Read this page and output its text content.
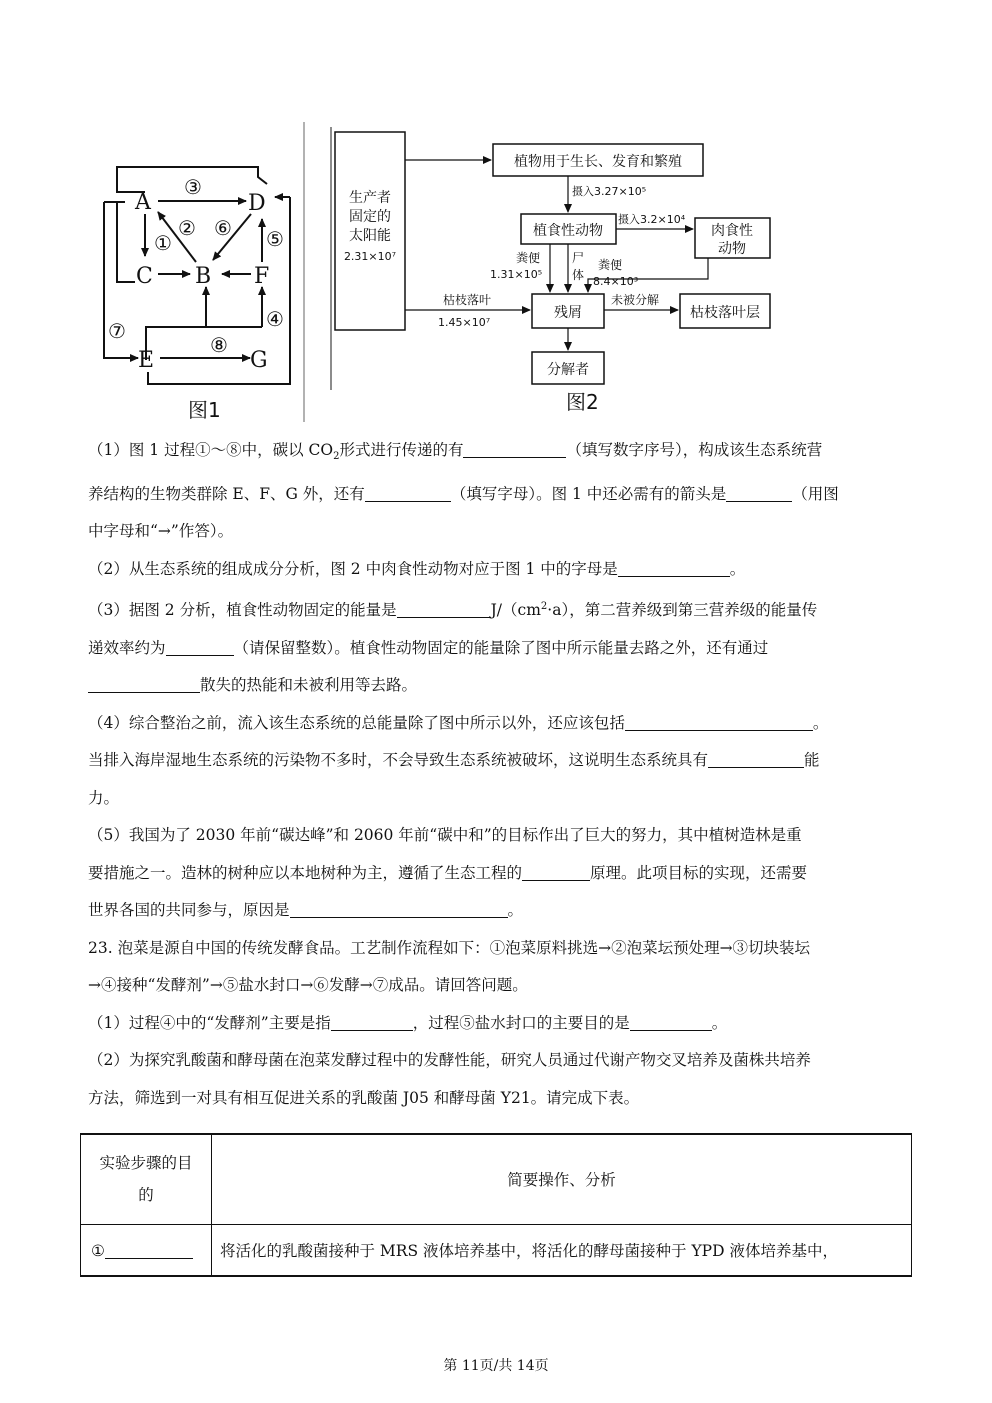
A	D
C B F
E	G
③
② ⑥
①	⑤
④
⑦
⑧
图1
生产者
固定的
太阳能
2.31×10⁷
植物用于生长、发育和繁殖
摄入3.27×10⁵
植食性动物
摄入3.2×10⁴
肉食性
动物
粪便
1.31×10⁵
尸
体
粪便
8.4×10³
枯枝落叶
1.45×10⁷
残屑
未被分解
枯枝落叶层
分解者
图2

（1）图 1 过程①～⑧中，碳以 $CO_2$形式进行传递的有	（填写数字序号），构成该生态系统营

养结构的生物类群除 E、F、G 外，还有	（填写字母）。图 1 中还必需有的箭头是	（用图

中字母和“→”作答）。

（2）从生态系统的组成成分分析，图 2 中肉食性动物对应于图 1 中的字母是	。

（3）据图 2 分析，植食性动物固定的能量是	$J/(cm^2\cdot a)$，第二营养级到第三营养级的能量传

递效率约为	（请保留整数）。植食性动物固定的能量除了图中所示能量去路之外，还有通过

散失的热能和未被利用等去路。

（4）综合整治之前，流入该生态系统的总能量除了图中所示以外，还应该包括	。

当排入海岸湿地生态系统的污染物不多时，不会导致生态系统被破坏，这说明生态系统具有	能

力。

（5）我国为了 2030 年前“碳达峰”和 2060 年前“碳中和”的目标作出了巨大的努力，其中植树造林是重

要措施之一。造林的树种应以本地树种为主，遵循了生态工程的	原理。此项目标的实现，还需要

世界各国的共同参与，原因是	。

23. 泡菜是源自中国的传统发酵食品。工艺制作流程如下：①泡菜原料挑选→②泡菜坛预处理→③切块装坛

→④接种“发酵剂”→⑤盐水封口→⑥发酵→⑦成品。请回答问题。

（1）过程④中的“发酵剂”主要是指	，过程⑤盐水封口的主要目的是	。

（2）为探究乳酸菌和酵母菌在泡菜发酵过程中的发酵性能，研究人员通过代谢产物交叉培养及菌株共培养

方法，筛选到一对具有相互促进关系的乳酸菌 J05 和酵母菌 Y21。请完成下表。

实验步骤的目
的	简要操作、分析
①	将活化的乳酸菌接种于 MRS 液体培养基中，将活化的酵母菌接种于 YPD 液体培养基中，
第 11页/共 14页
